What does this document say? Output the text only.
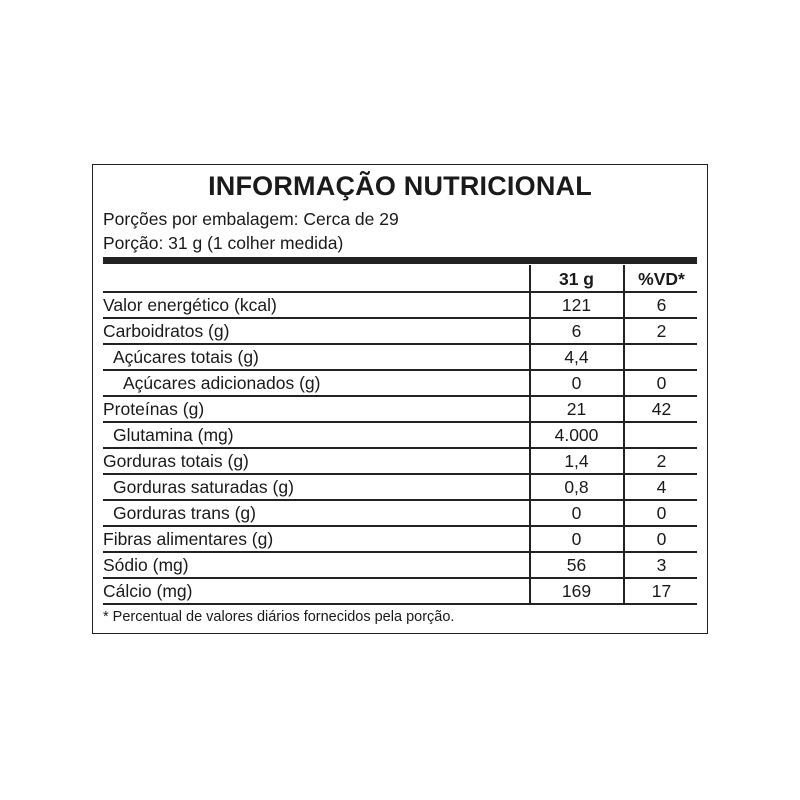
INFORMAÇÃO NUTRICIONAL
Porções por embalagem: Cerca de 29
Porção: 31 g (1 colher medida)
31 g	%VD*
Valor energético (kcal)	121	6
Carboidratos (g)	6	2
Açúcares totais (g)	4,4
Açúcares adicionados (g)	0	0
Proteínas (g)	21	42
Glutamina (mg)	4.000
Gorduras totais (g)	1,4	2
Gorduras saturadas (g)	0,8	4
Gorduras trans (g)	0	0
Fibras alimentares (g)	0	0
Sódio (mg)	56	3
Cálcio (mg)	169	17
* Percentual de valores diários fornecidos pela porção.
